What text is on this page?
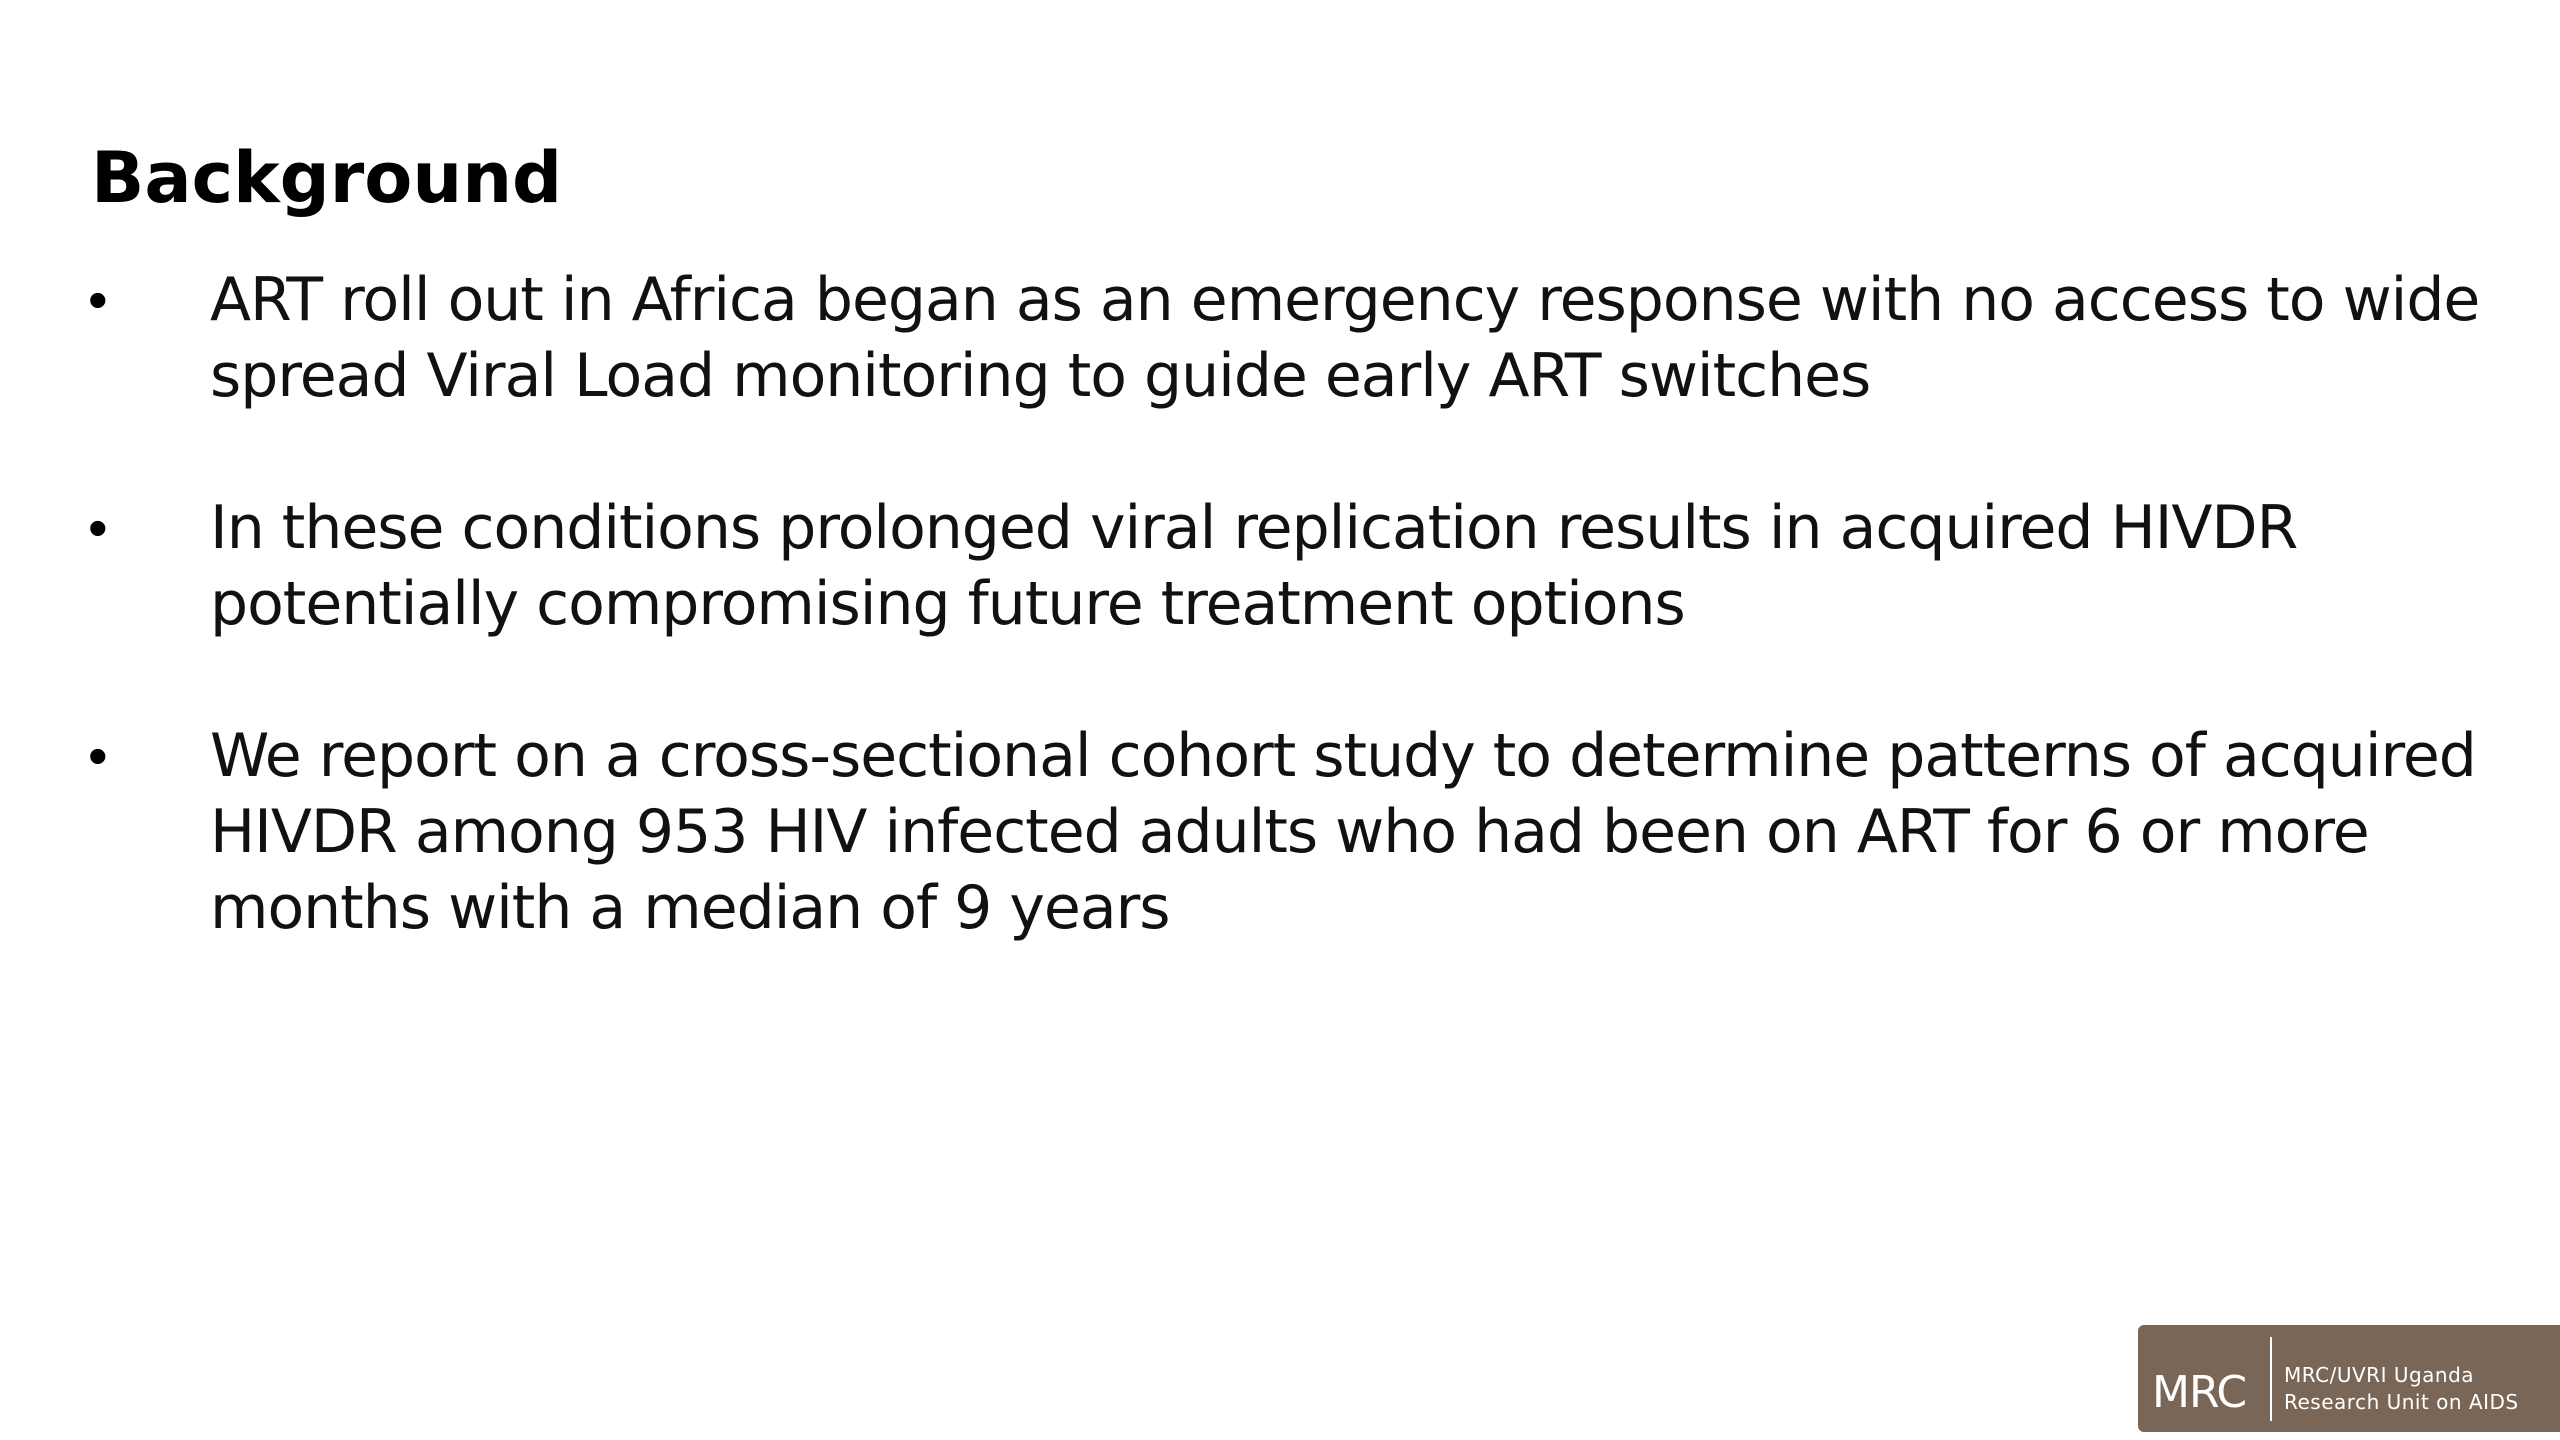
Background
• ART roll out in Africa began as an emergency response with no access to wide spread Viral Load monitoring to guide early ART switches
• In these conditions prolonged viral replication results in acquired HIVDR potentially compromising future treatment options
• We report on a cross-sectional cohort study to determine patterns of acquired HIVDR among 953 HIV infected adults who had been on ART for 6 or more months with a median of 9 years
MRC	MRC/UVRI Uganda
Research Unit on AIDS
